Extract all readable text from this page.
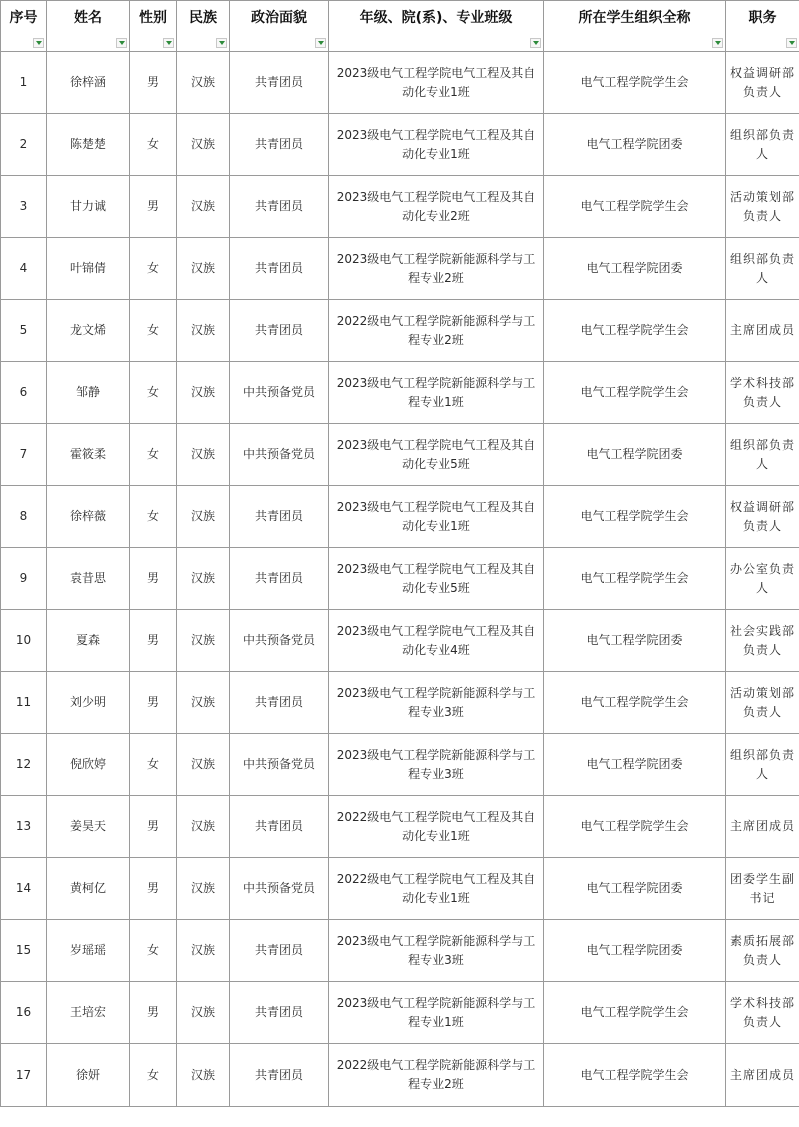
序号	姓名	性别	民族	政治面貌	年级、院(系)、专业班级	所在学生组织全称	职务

1	徐梓涵	男	汉族	共青团员	2023级电气工程学院电气工程及其自动化专业1班	电气工程学院学生会	权益调研部负责人
2	陈楚楚	女	汉族	共青团员	2023级电气工程学院电气工程及其自动化专业1班	电气工程学院团委	组织部负责人
3	甘力诚	男	汉族	共青团员	2023级电气工程学院电气工程及其自动化专业2班	电气工程学院学生会	活动策划部负责人
4	叶锦倩	女	汉族	共青团员	2023级电气工程学院新能源科学与工程专业2班	电气工程学院团委	组织部负责人
5	龙文烯	女	汉族	共青团员	2022级电气工程学院新能源科学与工程专业2班	电气工程学院学生会	主席团成员
6	邹静	女	汉族	中共预备党员	2023级电气工程学院新能源科学与工程专业1班	电气工程学院学生会	学术科技部负责人
7	霍筱柔	女	汉族	中共预备党员	2023级电气工程学院电气工程及其自动化专业5班	电气工程学院团委	组织部负责人
8	徐梓薇	女	汉族	共青团员	2023级电气工程学院电气工程及其自动化专业1班	电气工程学院学生会	权益调研部负责人
9	袁昔思	男	汉族	共青团员	2023级电气工程学院电气工程及其自动化专业5班	电气工程学院学生会	办公室负责人
10	夏森	男	汉族	中共预备党员	2023级电气工程学院电气工程及其自动化专业4班	电气工程学院团委	社会实践部负责人
11	刘少明	男	汉族	共青团员	2023级电气工程学院新能源科学与工程专业3班	电气工程学院学生会	活动策划部负责人
12	倪欣婷	女	汉族	中共预备党员	2023级电气工程学院新能源科学与工程专业3班	电气工程学院团委	组织部负责人
13	姜昊天	男	汉族	共青团员	2022级电气工程学院电气工程及其自动化专业1班	电气工程学院学生会	主席团成员
14	黄柯亿	男	汉族	中共预备党员	2022级电气工程学院电气工程及其自动化专业1班	电气工程学院团委	团委学生副书记
15	岁瑶瑶	女	汉族	共青团员	2023级电气工程学院新能源科学与工程专业3班	电气工程学院团委	素质拓展部负责人
16	王培宏	男	汉族	共青团员	2023级电气工程学院新能源科学与工程专业1班	电气工程学院学生会	学术科技部负责人
17	徐妍	女	汉族	共青团员	2022级电气工程学院新能源科学与工程专业2班	电气工程学院学生会	主席团成员
